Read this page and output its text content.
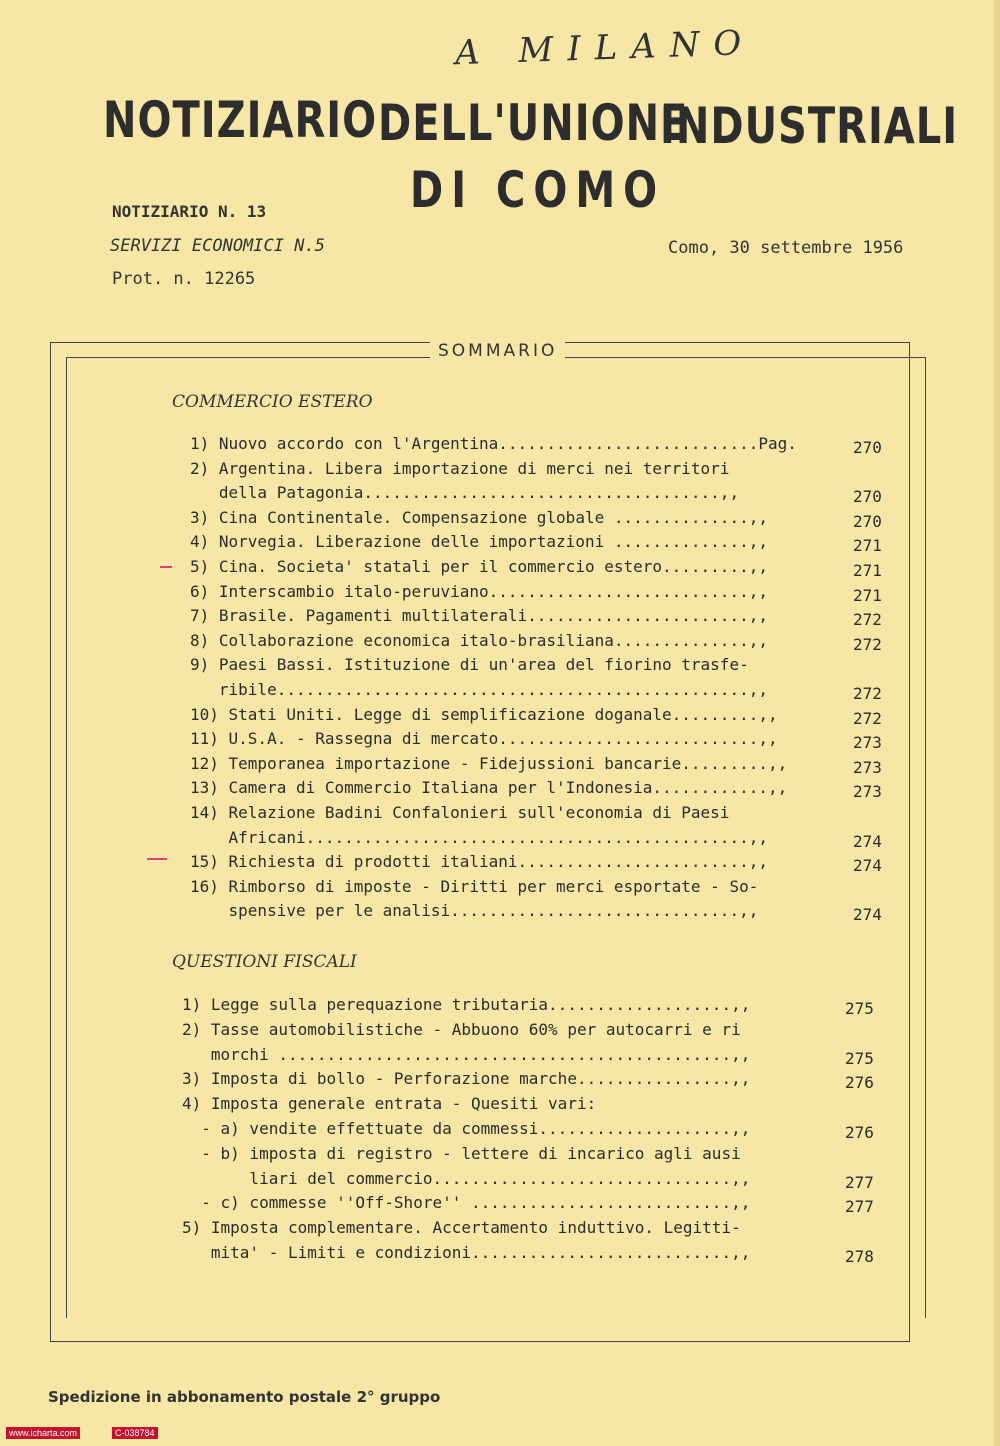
A MILANO
NOTIZIARIO DELL'UNIONE
INDUSTRIALI
DI COMO
NOTIZIARIO N. 13
SERVIZI ECONOMICI N.5
Prot. n. 12265
Como, 30 settembre 1956
SOMMARIO
COMMERCIO ESTERO
QUESTIONI FISCALI
1) Nuovo accordo con l'Argentina...........................Pag.	270
2) Argentina. Libera importazione di merci nei territori
della Patagonia.....................................,,	270
3) Cina Continentale. Compensazione globale ..............,,	270
4) Norvegia. Liberazione delle importazioni ..............,,	271
5) Cina. Societa' statali per il commercio estero.........,,	271
6) Interscambio italo-peruviano...........................,,	271
7) Brasile. Pagamenti multilaterali.......................,,	272
8) Collaborazione economica italo-brasiliana..............,,	272
9) Paesi Bassi. Istituzione di un'area del fiorino trasfe-
ribile.................................................,,	272
10) Stati Uniti. Legge di semplificazione doganale.........,,	272
11) U.S.A. - Rassegna di mercato...........................,,	273
12) Temporanea importazione - Fidejussioni bancarie.........,,	273
13) Camera di Commercio Italiana per l'Indonesia............,,	273
14) Relazione Badini Confalonieri sull'economia di Paesi
Africani..............................................,,	274
15) Richiesta di prodotti italiani........................,,	274
16) Rimborso di imposte - Diritti per merci esportate - So-
spensive per le analisi..............................,,	274
1) Legge sulla perequazione tributaria...................,,	275
2) Tasse automobilistiche - Abbuono 60% per autocarri e ri
morchi ...............................................,,	275
3) Imposta di bollo - Perforazione marche................,,	276
4) Imposta generale entrata - Quesiti vari:
- a) vendite effettuate da commessi....................,,	276
- b) imposta di registro - lettere di incarico agli ausi
liari del commercio...............................,,	277
- c) commesse ''Off-Shore'' ...........................,,	277
5) Imposta complementare. Accertamento induttivo. Legitti-
mita' - Limiti e condizioni...........................,,	278
Spedizione in abbonamento postale 2° gruppo
www.icharta.com	C-038784
